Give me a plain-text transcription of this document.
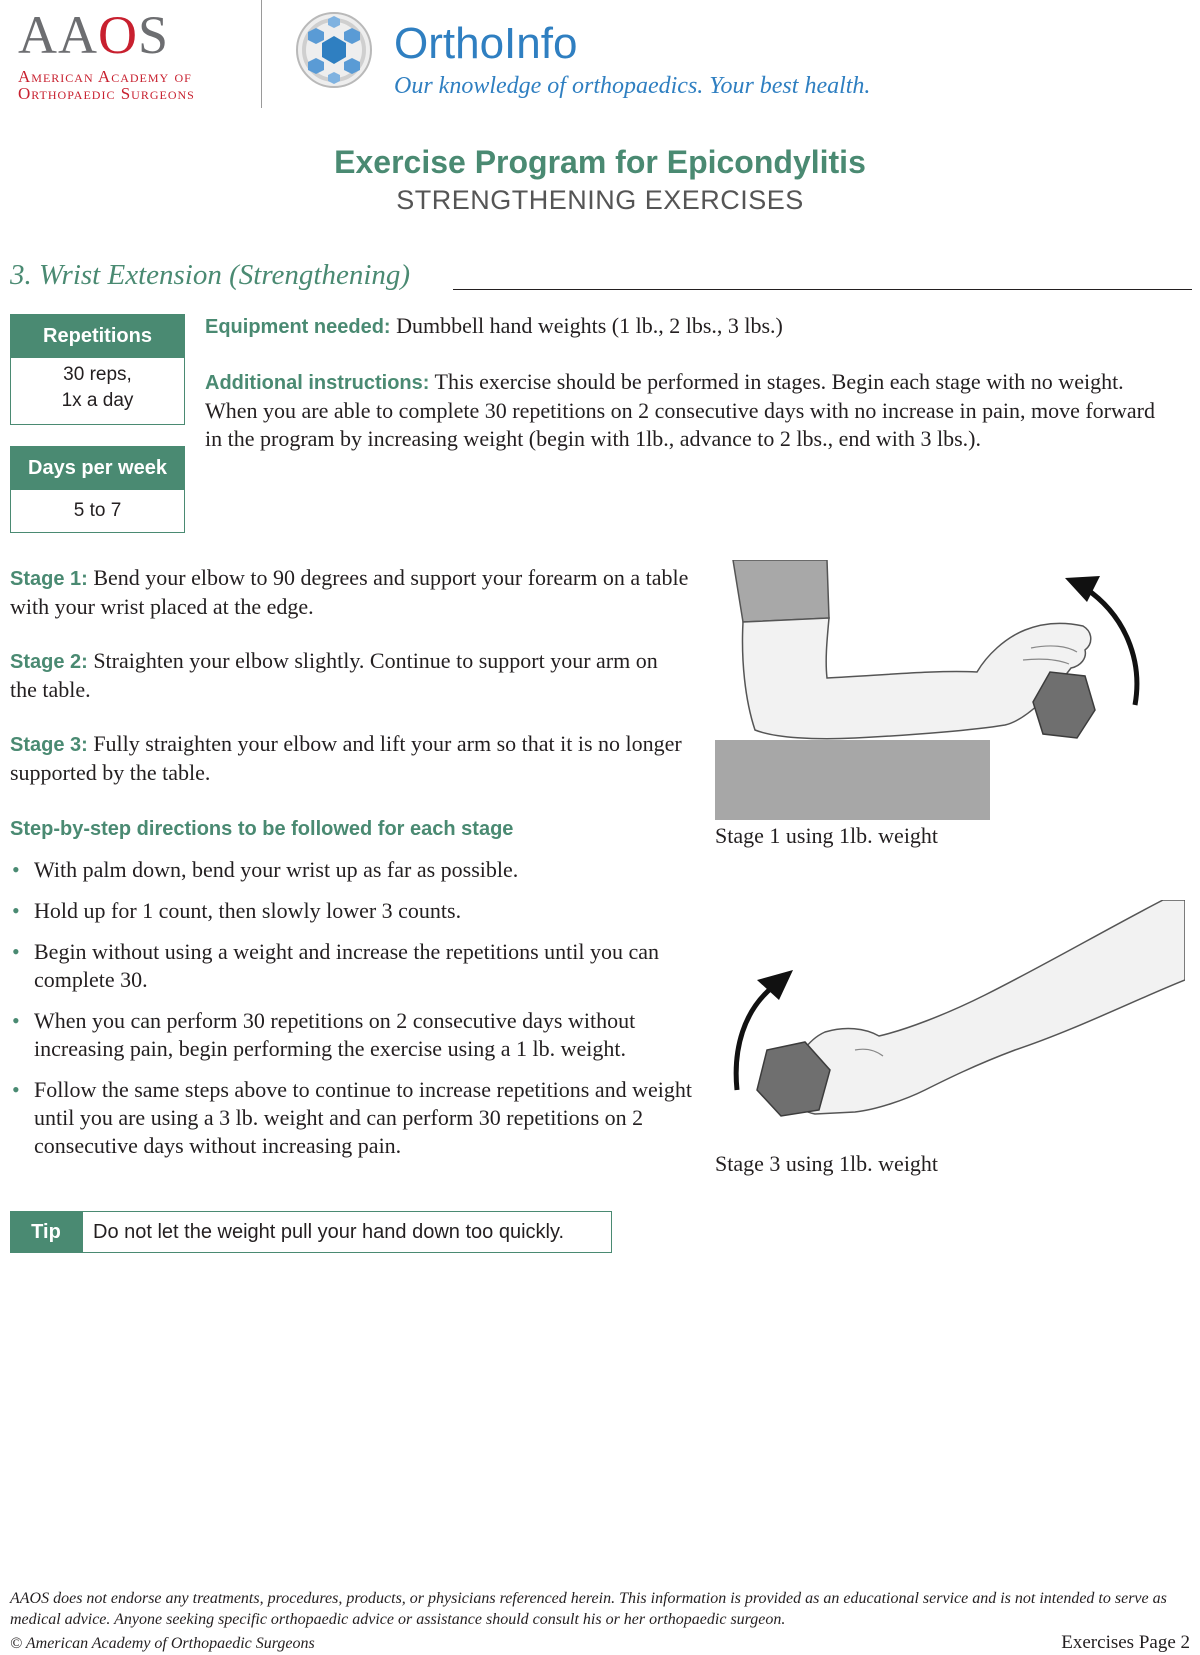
AAOS
American Academy of
Orthopaedic Surgeons
OrthoInfo
Our knowledge of orthopaedics. Your best health.
Exercise Program for Epicondylitis
STRENGTHENING EXERCISES
3. Wrist Extension (Strengthening)
Repetitions
30 reps,
1x a day
Days per week
5 to 7
Equipment needed: Dumbbell hand weights (1 lb., 2 lbs., 3 lbs.)
Additional instructions: This exercise should be performed in stages. Begin each stage with no weight. When you are able to complete 30 repetitions on 2 consecutive days with no increase in pain, move forward in the program by increasing weight (begin with 1lb., advance to 2 lbs., end with 3 lbs.).
Stage 1: Bend your elbow to 90 degrees and support your forearm on a table with your wrist placed at the edge.
Stage 2: Straighten your elbow slightly. Continue to support your arm on the table.
Stage 3: Fully straighten your elbow and lift your arm so that it is no longer supported by the table.
Step-by-step directions to be followed for each stage
• With palm down, bend your wrist up as far as possible.
• Hold up for 1 count, then slowly lower 3 counts.
• Begin without using a weight and increase the repetitions until you can complete 30.
• When you can perform 30 repetitions on 2 consecutive days without increasing pain, begin performing the exercise using a 1 lb. weight.
• Follow the same steps above to continue to increase repetitions and weight until you are using a 3 lb. weight and can perform 30 repetitions on 2 consecutive days without increasing pain.
Tip	Do not let the weight pull your hand down too quickly.
Stage 1 using 1lb. weight
Stage 3 using 1lb. weight
AAOS does not endorse any treatments, procedures, products, or physicians referenced herein. This information is provided as an educational service and is not intended to serve as medical advice. Anyone seeking specific orthopaedic advice or assistance should consult his or her orthopaedic surgeon.
© American Academy of Orthopaedic Surgeons	Exercises Page 2
